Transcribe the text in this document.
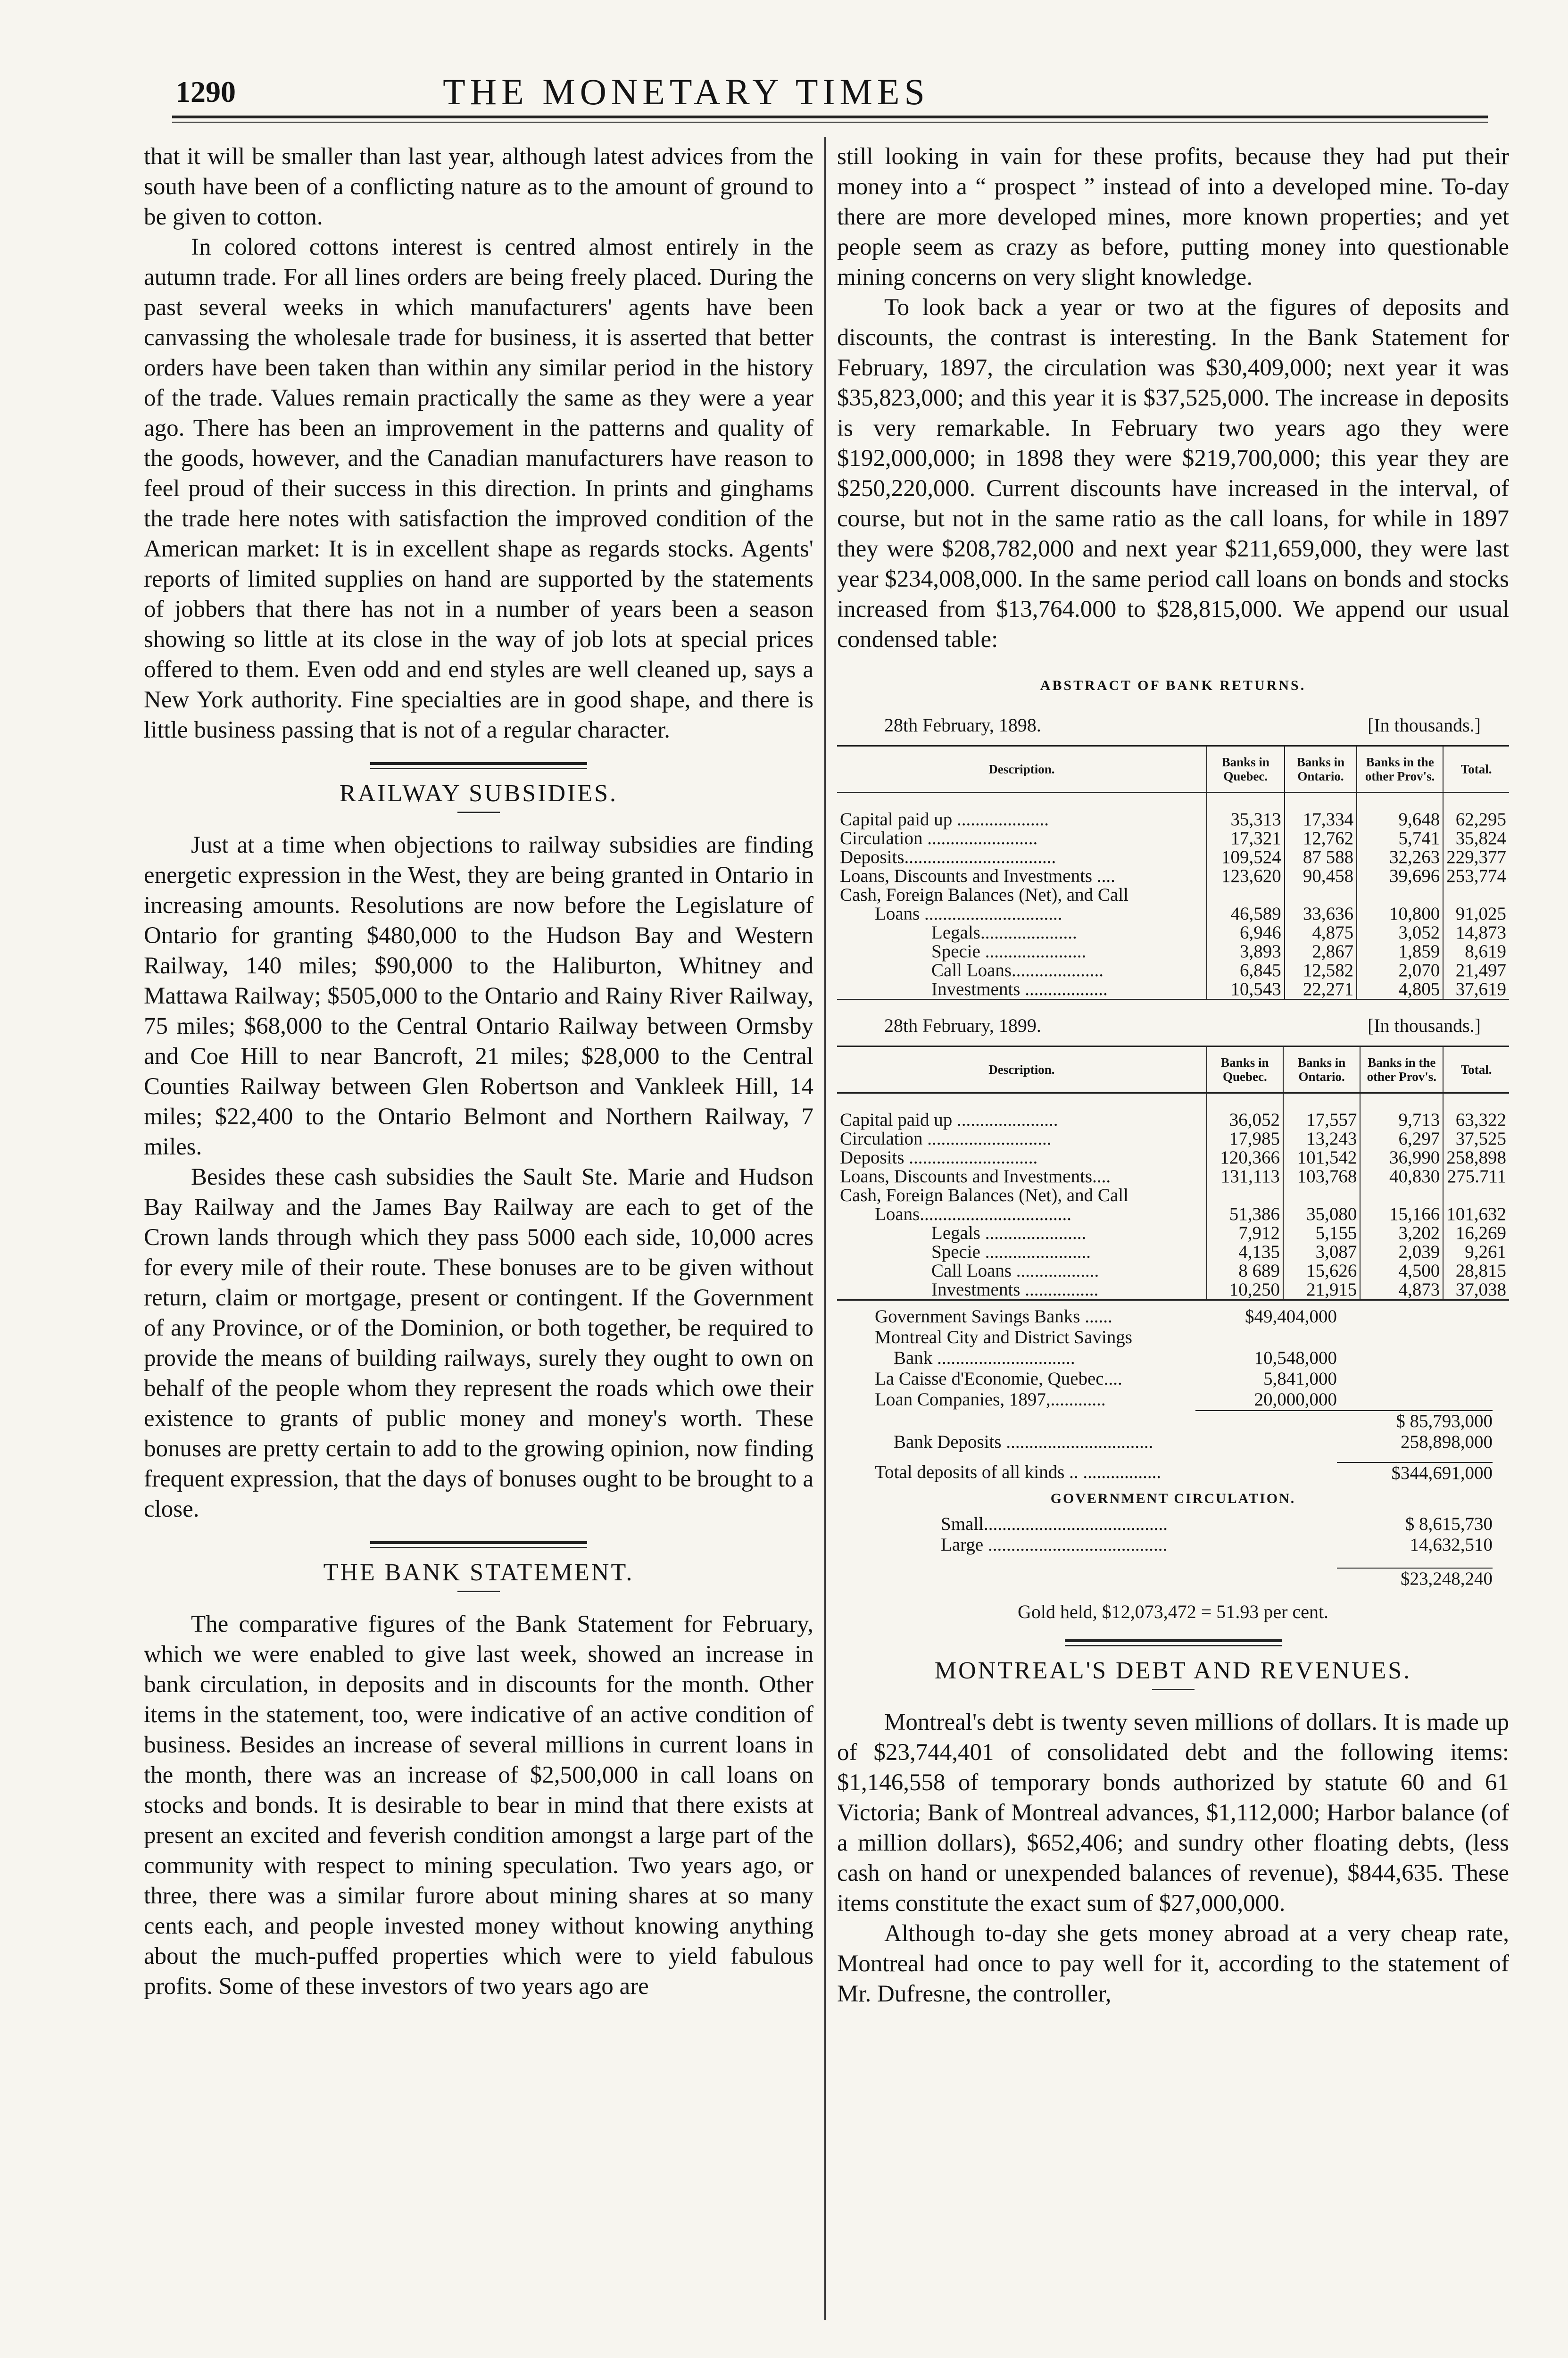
1290	THE MONETARY TIMES

that it will be smaller than last year, although latest advices from the south have been of a conflicting nature as to the amount of ground to be given to cotton.

In colored cottons interest is centred almost entirely in the autumn trade. For all lines orders are being freely placed. During the past several weeks in which manufacturers' agents have been canvassing the wholesale trade for business, it is asserted that better orders have been taken than within any similar period in the history of the trade. Values remain practically the same as they were a year ago. There has been an improvement in the patterns and quality of the goods, however, and the Canadian manufacturers have reason to feel proud of their success in this direction. In prints and ginghams the trade here notes with satisfaction the improved condition of the American market: It is in excellent shape as regards stocks. Agents' reports of limited supplies on hand are supported by the statements of jobbers that there has not in a number of years been a season showing so little at its close in the way of job lots at special prices offered to them. Even odd and end styles are well cleaned up, says a New York authority. Fine specialties are in good shape, and there is little business passing that is not of a regular character.

RAILWAY SUBSIDIES.

Just at a time when objections to railway subsidies are finding energetic expression in the West, they are being granted in Ontario in increasing amounts. Resolutions are now before the Legislature of Ontario for granting $480,000 to the Hudson Bay and Western Railway, 140 miles; $90,000 to the Haliburton, Whitney and Mattawa Railway; $505,000 to the Ontario and Rainy River Railway, 75 miles; $68,000 to the Central Ontario Railway between Ormsby and Coe Hill to near Bancroft, 21 miles; $28,000 to the Central Counties Railway between Glen Robertson and Vankleek Hill, 14 miles; $22,400 to the Ontario Belmont and Northern Railway, 7 miles.

Besides these cash subsidies the Sault Ste. Marie and Hudson Bay Railway and the James Bay Railway are each to get of the Crown lands through which they pass 5000 each side, 10,000 acres for every mile of their route. These bonuses are to be given without return, claim or mortgage, present or contingent. If the Government of any Province, or of the Dominion, or both together, be required to provide the means of building railways, surely they ought to own on behalf of the people whom they represent the roads which owe their existence to grants of public money and money's worth. These bonuses are pretty certain to add to the growing opinion, now finding frequent expression, that the days of bonuses ought to be brought to a close.

THE BANK STATEMENT.

The comparative figures of the Bank Statement for February, which we were enabled to give last week, showed an increase in bank circulation, in deposits and in discounts for the month. Other items in the statement, too, were indicative of an active condition of business. Besides an increase of several millions in current loans in the month, there was an increase of $2,500,000 in call loans on stocks and bonds. It is desirable to bear in mind that there exists at present an excited and feverish condition amongst a large part of the community with respect to mining speculation. Two years ago, or three, there was a similar furore about mining shares at so many cents each, and people invested money without knowing anything about the much-puffed properties which were to yield fabulous profits. Some of these investors of two years ago are

still looking in vain for these profits, because they had put their money into a “ prospect ” instead of into a developed mine. To-day there are more developed mines, more known properties; and yet people seem as crazy as before, putting money into questionable mining concerns on very slight knowledge.

To look back a year or two at the figures of deposits and discounts, the contrast is interesting. In the Bank Statement for February, 1897, the circulation was $30,409,000; next year it was $35,823,000; and this year it is $37,525,000. The increase in deposits is very remarkable. In February two years ago they were $192,000,000; in 1898 they were $219,700,000; this year they are $250,220,000. Current discounts have increased in the interval, of course, but not in the same ratio as the call loans, for while in 1897 they were $208,782,000 and next year $211,659,000, they were last year $234,008,000. In the same period call loans on bonds and stocks increased from $13,764.000 to $28,815,000. We append our usual condensed table:

ABSTRACT OF BANK RETURNS.
28th February, 1898.	[In thousands.]
Description.	Banks in Quebec.	Banks in Ontario.	Banks in the other Prov's.	Total.
Capital paid up ....................	35,313	17,334	9,648	62,295
Circulation ........................	17,321	12,762	5,741	35,824
Deposits.................................	109,524	87 588	32,263	229,377
Loans, Discounts and Investments ....	123,620	90,458	39,696	253,774
Cash, Foreign Balances (Net), and Call				
Loans ..............................	46,589	33,636	10,800	91,025
Legals.....................	6,946	4,875	3,052	14,873
Specie ......................	3,893	2,867	1,859	8,619
Call Loans....................	6,845	12,582	2,070	21,497
Investments ..................	10,543	22,271	4,805	37,619
28th February, 1899.	[In thousands.]
Description.	Banks in Quebec.	Banks in Ontario.	Banks in the other Prov's.	Total.
Capital paid up ......................	36,052	17,557	9,713	63,322
Circulation ...........................	17,985	13,243	6,297	37,525
Deposits ............................	120,366	101,542	36,990	258,898
Loans, Discounts and Investments....	131,113	103,768	40,830	275.711
Cash, Foreign Balances (Net), and Call				
Loans.................................	51,386	35,080	15,166	101,632
Legals ......................	7,912	5,155	3,202	16,269
Specie .......................	4,135	3,087	2,039	9,261
Call Loans ..................	8 689	15,626	4,500	28,815
Investments ................	10,250	21,915	4,873	37,038
Government Savings Banks ......	$49,404,000
Montreal City and District Savings
Bank ..............................	10,548,000
La Caisse d'Economie, Quebec....	5,841,000
Loan Companies, 1897,............	20,000,000
$ 85,793,000
Bank Deposits ................................	258,898,000
Total deposits of all kinds .. .................	$344,691,000
GOVERNMENT CIRCULATION.
Small........................................	$ 8,615,730
Large .......................................	14,632,510
$23,248,240
Gold held, $12,073,472 = 51.93 per cent.
MONTREAL'S DEBT AND REVENUES.

Montreal's debt is twenty seven millions of dollars. It is made up of $23,744,401 of consolidated debt and the following items: $1,146,558 of temporary bonds authorized by statute 60 and 61 Victoria; Bank of Montreal advances, $1,112,000; Harbor balance (of a million dollars), $652,406; and sundry other floating debts, (less cash on hand or unexpended balances of revenue), $844,635. These items constitute the exact sum of $27,000,000.

Although to-day she gets money abroad at a very cheap rate, Montreal had once to pay well for it, according to the statement of Mr. Dufresne, the controller,
